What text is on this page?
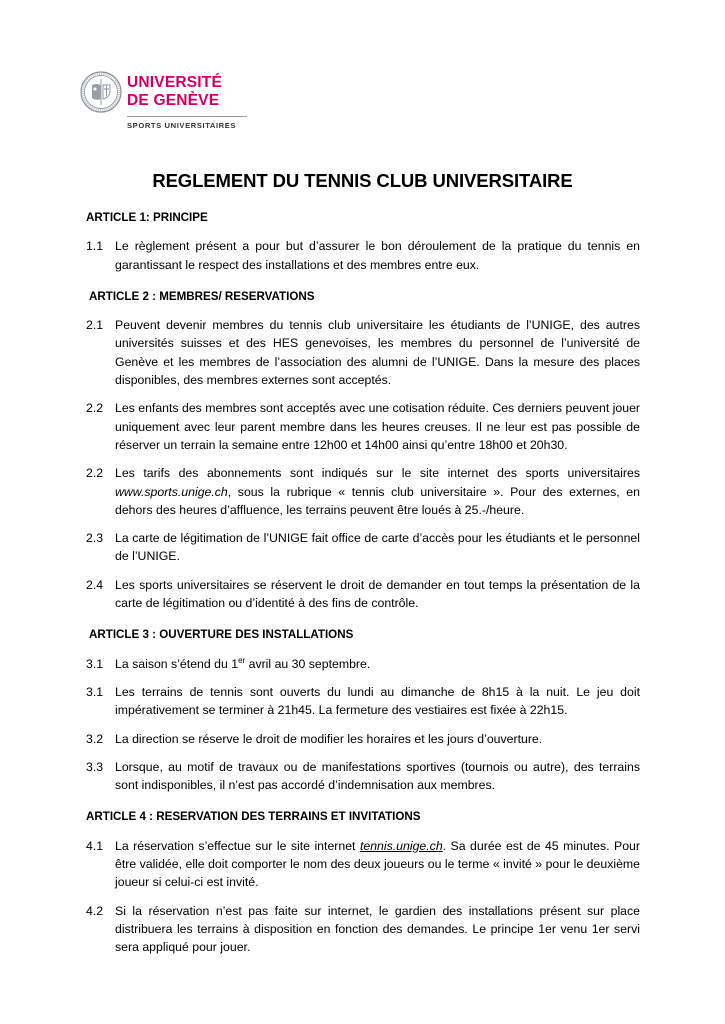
UNIVERSITÉ
DE GENÈVE
SPORTS UNIVERSITAIRES
REGLEMENT DU TENNIS CLUB UNIVERSITAIRE
ARTICLE 1: PRINCIPE
1.1 Le règlement présent a pour but d’assurer le bon déroulement de la pratique du tennis en garantissant le respect des installations et des membres entre eux.
ARTICLE 2 : MEMBRES/ RESERVATIONS
2.1 Peuvent devenir membres du tennis club universitaire les étudiants de l’UNIGE, des autres universités suisses et des HES genevoises, les membres du personnel de l’université de Genève et les membres de l’association des alumni de l’UNIGE. Dans la mesure des places disponibles, des membres externes sont acceptés.
2.2 Les enfants des membres sont acceptés avec une cotisation réduite. Ces derniers peuvent jouer uniquement avec leur parent membre dans les heures creuses. Il ne leur est pas possible de réserver un terrain la semaine entre 12h00 et 14h00 ainsi qu’entre 18h00 et 20h30.
2.2 Les tarifs des abonnements sont indiqués sur le site internet des sports universitaires www.sports.unige.ch, sous la rubrique « tennis club universitaire ». Pour des externes, en dehors des heures d’affluence, les terrains peuvent être loués à 25.-/heure.
2.3 La carte de légitimation de l’UNIGE fait office de carte d’accès pour les étudiants et le personnel de l’UNIGE.
2.4 Les sports universitaires se réservent le droit de demander en tout temps la présentation de la carte de légitimation ou d’identité à des fins de contrôle.
ARTICLE 3 : OUVERTURE DES INSTALLATIONS
3.1 La saison s’étend du 1er avril au 30 septembre.
3.1 Les terrains de tennis sont ouverts du lundi au dimanche de 8h15 à la nuit. Le jeu doit impérativement se terminer à 21h45. La fermeture des vestiaires est fixée à 22h15.
3.2 La direction se réserve le droit de modifier les horaires et les jours d’ouverture.
3.3 Lorsque, au motif de travaux ou de manifestations sportives (tournois ou autre), des terrains sont indisponibles, il n’est pas accordé d’indemnisation aux membres.
ARTICLE 4 : RESERVATION DES TERRAINS ET INVITATIONS
4.1 La réservation s’effectue sur le site internet tennis.unige.ch. Sa durée est de 45 minutes. Pour être validée, elle doit comporter le nom des deux joueurs ou le terme « invité » pour le deuxième joueur si celui-ci est invité.
4.2 Si la réservation n’est pas faite sur internet, le gardien des installations présent sur place distribuera les terrains à disposition en fonction des demandes. Le principe 1er venu 1er servi sera appliqué pour jouer.
